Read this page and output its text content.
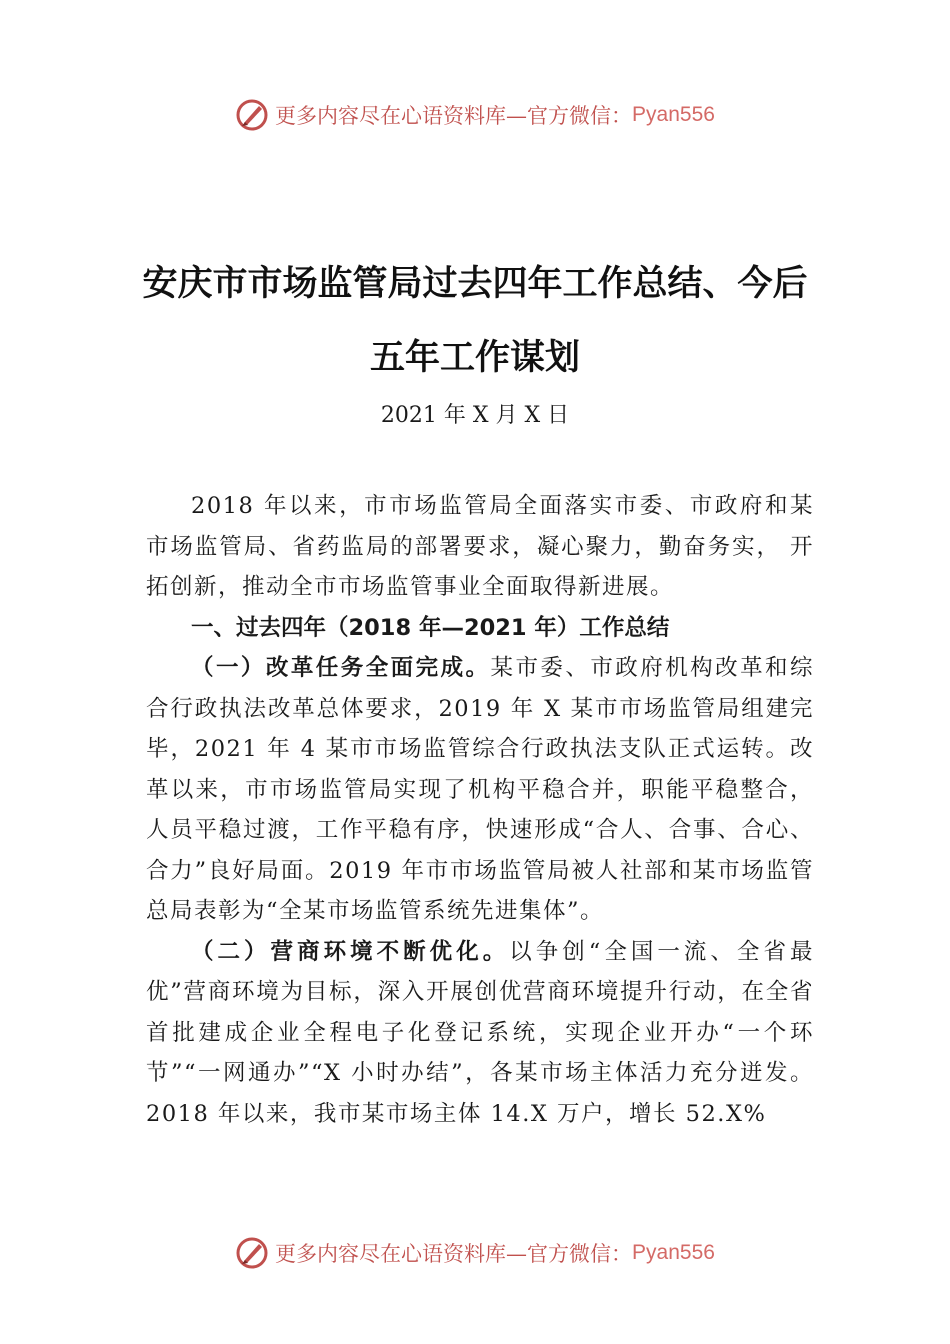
更多内容尽在心语资料库—官方微信： Pyan556
安庆市市场监管局过去四年工作总结、今后
五年工作谋划
2021 年 X 月 X 日

2018 年以来，市市场监管局全面落实市委、市政府和某市场监管局、省药监局的部署要求，凝心聚力，勤奋务实， 开拓创新，推动全市市场监管事业全面取得新进展。

一、过去四年（2018 年—2021 年）工作总结

（一）改革任务全面完成。某市委、市政府机构改革和综合行政执法改革总体要求，2019 年 X 某市市场监管局组建完毕，2021 年 4 某市市场监管综合行政执法支队正式运转。改革以来，市市场监管局实现了机构平稳合并，职能平稳整合，人员平稳过渡，工作平稳有序，快速形成“合人、合事、合心、合力”良好局面。2019 年市市场监管局被人社部和某市场监管总局表彰为“全某市场监管系统先进集体”。

（二）营商环境不断优化。以争创“全国一流、全省最优”营商环境为目标，深入开展创优营商环境提升行动，在全省首批建成企业全程电子化登记系统，实现企业开办“一个环节”“一网通办”“X 小时办结”，各某市场主体活力充分迸发。2018 年以来，我市某市场主体 14.X 万户，增长 52.X%

更多内容尽在心语资料库—官方微信： Pyan556
